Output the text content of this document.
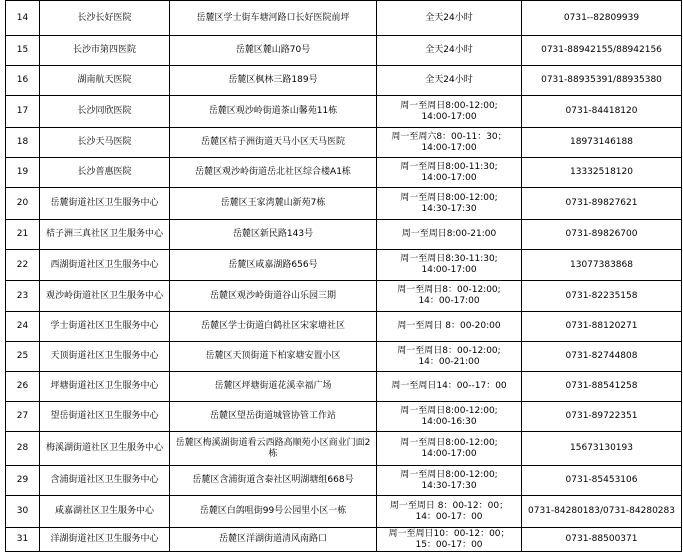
14	长沙长好医院	岳麓区学士街车塘河路口长好医院前坪	全天24小时	0731--82809939
15	长沙市第四医院	岳麓区麓山路70号	全天24小时	0731-88942155/88942156
16	湖南航天医院	岳麓区枫林三路189号	全天24小时	0731-88935391/88935380
17	长沙同欣医院	岳麓区观沙岭街道茶山馨苑11栋	周一至周日8:00-12:00;
14:00-17:00	0731-84418120
18	长沙天马医院	岳麓区桔子洲街道天马小区天马医院	周一至周六8：00-11：30；
14:00-17:00	18973146188
19	长沙普惠医院	岳麓区观沙岭街道岳北社区综合楼A1栋	周一至周日8:00-11:30;
14:00-17:00	13332518120
20	岳麓街道社区卫生服务中心	岳麓区王家湾麓山新苑7栋	周一至周日8:00-12:00;
14:30-17:30	0731-89827621
21	桔子洲三真社区卫生服务中心	岳麓区新民路143号	周一至周日8:00-21:00	0731-89826700
22	西湖街道社区卫生服务中心	岳麓区咸嘉湖路656号	周一至周日8:30-11:30;
14:00-17:00	13077383868
23	观沙岭街道社区卫生服务中心	岳麓区观沙岭街道谷山乐园三期	周一至周日8：00-12:00;
14：00-17:00	0731-82235158
24	学士街道社区卫生服务中心	岳麓区学士街道白鹤社区宋家塘社区	周一至周日 8：00-20:00	0731-88120271
25	天顶街道社区卫生服务中心	岳麓区天顶街道下柏家塘安置小区	周一至周日8：00-12:00;
14：00-21:00	0731-82744808
26	坪塘街道社区卫生服务中心	岳麓区坪塘街道花溪幸福广场	周一至周日14：00--17：00	0731-88541258
27	望岳街道社区卫生服务中心	岳麓区望岳街道城管协管工作站	周一至周日8:00-12:00;
14:00-16:30	0731-89722351
28	梅溪湖街道社区卫生服务中心	岳麓区梅溪湖街道看云西路高顺苑小区商业门面2栋	周一至周日8:00-12:00;
14:00-17:00	15673130193
29	含浦街道社区卫生服务中心	岳麓区含浦街道含泰社区明湖塘组668号	周一至周日8:00-12:00;
14:30-17:30	0731-85453106
30	咸嘉湖社区卫生服务中心	岳麓区白鸽咀街99号公园里小区一栋	周一至周日 8：00-12：00；
14：00-17：00	0731-84280183/0731-84280283
31	洋湖街道社区卫生服务中心	岳麓区洋湖街道清风南路口	周一至周日10：00-12：00；
15：00-17：00	0731-88500371
